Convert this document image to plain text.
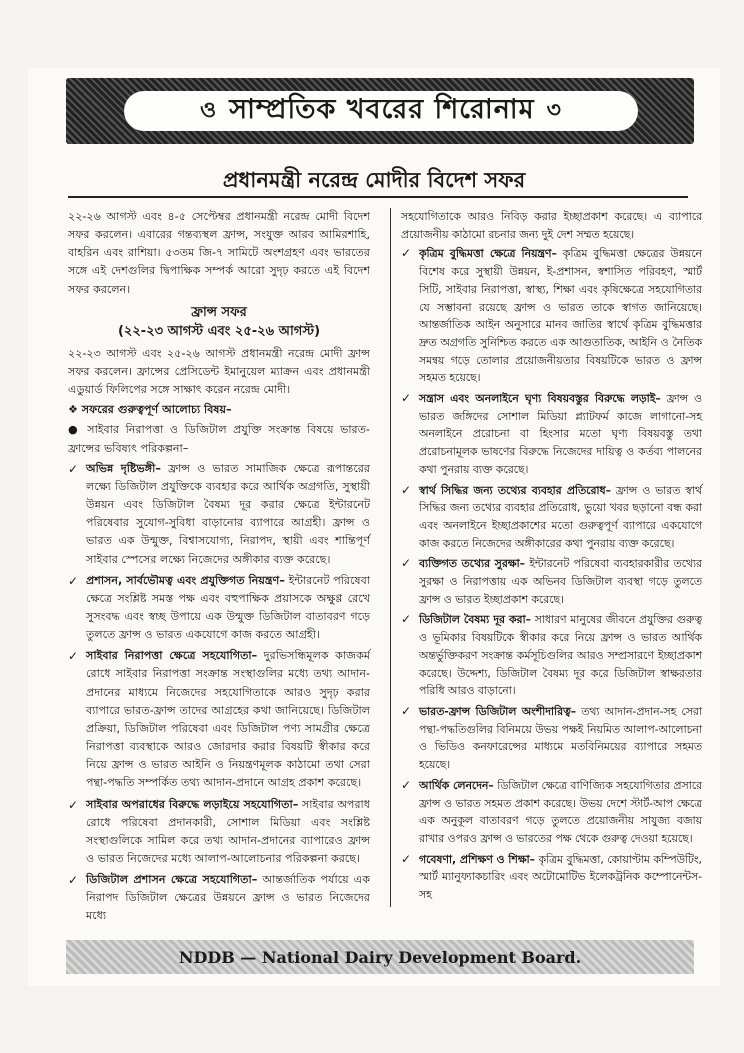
ও সাম্প্রতিক খবরের শিরোনাম ৩
প্রধানমন্ত্রী নরেন্দ্র মোদীর বিদেশ সফর

২২-২৬ আগস্ট এবং ৪-৫ সেপ্টেম্বর প্রধানমন্ত্রী নরেন্দ্র মোদী বিদেশ সফর করলেন। এবারের গন্তব্যস্থল ফ্রান্স, সংযুক্ত আরব আমিরশাহি, বাহরিন এবং রাশিয়া। ৫৩তম জি-৭ সামিটে অংশগ্রহণ এবং ভারতের সঙ্গে এই দেশগুলির দ্বিপাক্ষিক সম্পর্ক আরো সুদৃঢ় করতে এই বিদেশ সফর করলেন।

ফ্রান্স সফর
(২২-২৩ আগস্ট এবং ২৫-২৬ আগস্ট)

২২-২৩ আগস্ট এবং ২৫-২৬ আগস্ট প্রধানমন্ত্রী নরেন্দ্র মোদী ফ্রান্স সফর করলেন। ফ্রান্সের প্রেসিডেন্ট ইমানুয়েল ম্যাক্রন এবং প্রধানমন্ত্রী এডুয়ার্ড ফিলিপের সঙ্গে সাক্ষাৎ করেন নরেন্দ্র মোদী।

❖ সফরের গুরুত্বপূর্ণ আলোচ্য বিষয়–

● সাইবার নিরাপত্তা ও ডিজিটাল প্রযুক্তি সংক্রান্ত বিষয়ে ভারত-ফ্রান্সের ভবিষ্যৎ পরিকল্পনা–

✓ অভিন্ন দৃষ্টিভঙ্গী– ফ্রান্স ও ভারত সামাজিক ক্ষেত্রে রূপান্তরের লক্ষ্যে ডিজিটাল প্রযুক্তিকে ব্যবহার করে আর্থিক অগ্রগতি, সুস্থায়ী উন্নয়ন এবং ডিজিটাল বৈষম্য দূর করার ক্ষেত্রে ইন্টারনেট পরিষেবার সুযোগ-সুবিধা বাড়ানোর ব্যাপারে আগ্রহী। ফ্রান্স ও ভারত এক উন্মুক্ত, বিশ্বাসযোগ্য, নিরাপদ, স্থায়ী এবং শান্তিপূর্ণ সাইবার স্পেসের লক্ষ্যে নিজেদের অঙ্গীকার ব্যক্ত করেছে।
✓ প্রশাসন, সার্বভৌমত্ব এবং প্রযুক্তিগত নিয়ন্ত্রণ– ইন্টারনেট পরিষেবা ক্ষেত্রে সংশ্লিষ্ট সমস্ত পক্ষ এবং বহুপাক্ষিক প্রয়াসকে অক্ষুণ্ণ রেখে সুসংবদ্ধ এবং স্বচ্ছ উপায়ে এক উন্মুক্ত ডিজিটাল বাতাবরণ গড়ে তুলতে ফ্রান্স ও ভারত একযোগে কাজ করতে আগ্রহী।
✓ সাইবার নিরাপত্তা ক্ষেত্রে সহযোগিতা– দুরভিসন্ধিমূলক কাজকর্ম রোধে সাইবার নিরাপত্তা সংক্রান্ত সংস্থাগুলির মধ্যে তথ্য আদান-প্রদানের মাধ্যমে নিজেদের সহযোগিতাকে আরও সুদৃঢ় করার ব্যাপারে ভারত-ফ্রান্স তাদের আগ্রহের কথা জানিয়েছে। ডিজিটাল প্রক্রিয়া, ডিজিটাল পরিষেবা এবং ডিজিটাল পণ্য সামগ্রীর ক্ষেত্রে নিরাপত্তা ব্যবস্থাকে আরও জোরদার করার বিষয়টি স্বীকার করে নিয়ে ফ্রান্স ও ভারত আইনি ও নিয়ন্ত্রণমূলক কাঠামো তথা সেরা পন্থা-পদ্ধতি সম্পর্কিত তথ্য আদান-প্রদানে আগ্রহ প্রকাশ করেছে।
✓ সাইবার অপরাধের বিরুদ্ধে লড়াইয়ে সহযোগিতা– সাইবার অপরাধ রোধে পরিষেবা প্রদানকারী, সোশাল মিডিয়া এবং সংশ্লিষ্ট সংস্থাগুলিকে সামিল করে তথ্য আদান-প্রদানের ব্যাপারেও ফ্রান্স ও ভারত নিজেদের মধ্যে আলাপ-আলোচনার পরিকল্পনা করছে।
✓ ডিজিটাল প্রশাসন ক্ষেত্রে সহযোগিতা– আন্তর্জাতিক পর্যায়ে এক নিরাপদ ডিজিটাল ক্ষেত্রের উন্নয়নে ফ্রান্স ও ভারত নিজেদের মধ্যে

সহযোগিতাকে আরও নিবিড় করার ইচ্ছাপ্রকাশ করেছে। এ ব্যাপারে প্রয়োজনীয় কাঠামো রচনার জন্য দুই দেশ সম্মত হয়েছে।

✓ কৃত্রিম বুদ্ধিমত্তা ক্ষেত্রে নিয়ন্ত্রণ– কৃত্রিম বুদ্ধিমত্তা ক্ষেত্রের উন্নয়নে বিশেষ করে সুস্থায়ী উন্নয়ন, ই-প্রশাসন, স্বশাসিত পরিবহণ, স্মার্ট সিটি, সাইবার নিরাপত্তা, স্বাস্থ্য, শিক্ষা এবং কৃষিক্ষেত্রে সহযোগিতার যে সম্ভাবনা রয়েছে ফ্রান্স ও ভারত তাকে স্বাগত জানিয়েছে। আন্তর্জাতিক আইন অনুসারে মানব জাতির স্বার্থে কৃত্রিম বুদ্ধিমত্তার দ্রুত অগ্রগতি সুনিশ্চিত করতে এক আগুতাতিক, আইনি ও নৈতিক সমন্বয় গড়ে তোলার প্রয়োজনীয়তার বিষয়টিকে ভারত ও ফ্রান্স সহমত হয়েছে।
✓ সন্ত্রাস এবং অনলাইনে ঘৃণ্য বিষয়বস্তুর বিরুদ্ধে লড়াই– ফ্রান্স ও ভারত জঙ্গিদের সোশাল মিডিয়া প্ল্যাটফর্ম কাজে লাগানো-সহ অনলাইনে প্ররোচনা বা হিংসার মতো ঘৃণ্য বিষয়বস্তু তথা প্ররোচনামূলক ভাষণের বিরুদ্ধে নিজেদের দায়িত্ব ও কর্তব্য পালনের কথা পুনরায় ব্যক্ত করেছে।
✓ স্বার্থ সিদ্ধির জন্য তথ্যের ব্যবহার প্রতিরোধ– ফ্রান্স ও ভারত স্বার্থ সিদ্ধির জন্য তথ্যের ব্যবহার প্রতিরোধ, ভুয়ো খবর ছড়ানো বন্ধ করা এবং অনলাইনে ইচ্ছাপ্রকাশের মতো গুরুত্বপূর্ণ ব্যাপারে একযোগে কাজ করতে নিজেদের অঙ্গীকারের কথা পুনরায় ব্যক্ত করেছে।
✓ ব্যক্তিগত তথ্যের সুরক্ষা– ইন্টারনেট পরিষেবা ব্যবহারকারীর তথ্যের সুরক্ষা ও নিরাপত্তায় এক অভিনব ডিজিটাল ব্যবস্থা গড়ে তুলতে ফ্রান্স ও ভারত ইচ্ছাপ্রকাশ করেছে।
✓ ডিজিটাল বৈষম্য দূর করা– সাধারণ মানুষের জীবনে প্রযুক্তির গুরুত্ব ও ভূমিকার বিষয়টিকে স্বীকার করে নিয়ে ফ্রান্স ও ভারত আর্থিক অন্তর্ভুক্তিকরণ সংক্রান্ত কর্মসূচিগুলির আরও সম্প্রসারণে ইচ্ছাপ্রকাশ করেছে। উদ্দেশ্য, ডিজিটাল বৈষম্য দূর করে ডিজিটাল স্বাক্ষরতার পরিধি আরও বাড়ানো।
✓ ভারত-ফ্রান্স ডিজিটাল অংশীদারিত্ব– তথ্য আদান-প্রদান-সহ সেরা পন্থা-পদ্ধতিগুলির বিনিময়ে উভয় পক্ষই নিয়মিত আলাপ-আলোচনা ও ভিডিও কনফারেন্সের মাধ্যমে মতবিনিময়ের ব্যাপারে সহমত হয়েছে।
✓ আর্থিক লেনদেন– ডিজিটাল ক্ষেত্রে বাণিজ্যিক সহযোগিতার প্রসারে ফ্রান্স ও ভারত সহমত প্রকাশ করেছে। উভয় দেশে স্টার্ট-আপ ক্ষেত্রে এক অনুকূল বাতাবরণ গড়ে তুলতে প্রয়োজনীয় সাযুজ্য বজায় রাখার ওপরও ফ্রান্স ও ভারতের পক্ষ থেকে গুরুত্ব দেওয়া হয়েছে।
✓ গবেষণা, প্রশিক্ষণ ও শিক্ষা– কৃত্রিম বুদ্ধিমত্তা, কোয়াণ্টাম কম্পিউটিং, স্মার্ট ম্যানুফ্যাকচারিং এবং অটোমোটিভ ইলেকট্রনিক কম্পোনেন্টস-সহ
NDDB — National Dairy Development Board.
